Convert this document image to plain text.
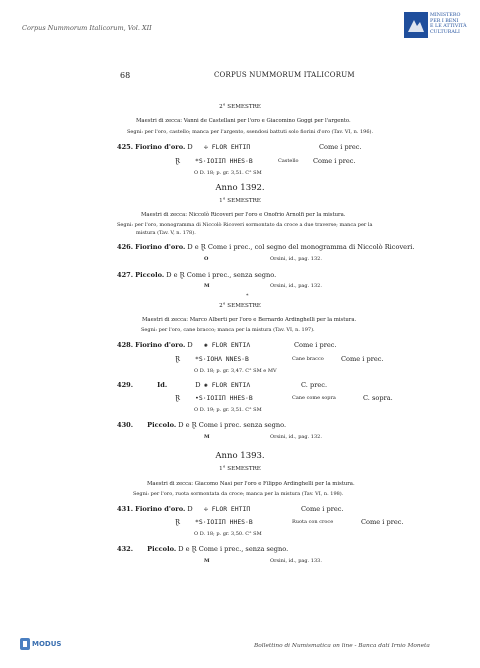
Corpus Nummorum Italicorum, Vol. XII
MINISTERO
PER I BENI
E LE ATTIVITÀ
CULTURALI
68	CORPUS NUMMORUM ITALICORUM
2° SEMESTRE
Maestri di zecca: Vanni de Castellani per l'oro e Giacomino Goggi per l'argento.
Segni: per l'oro, castello; manca per l'argento, ssendosi battuti solo fiorini d'oro (Tav. VI, n. 196).
425. Fiorino d'oro. D ✢ FLOR EHTIΠ	Come i prec.
Ɽ *S·IOIIΠ HHES·B	Castello Come i prec.
O D. 18; p. gr. 3,51. C° SM
Anno 1392.
1° SEMESTRE
Maestri di zecca: Niccolò Ricoveri per l'oro e Onofrio Arnolfi per la mistura.
Segni: per l'oro, monogramma di Niccolò Ricoveri sormontato da croce a due traverse; manca per la
mistura (Tav. V, n. 178).
426. Fiorino d'oro. D e Ɽ Come i prec., col segno del monogramma di Niccolò Ricoveri.
O	Orsini, id., pag. 132.
427. Piccolo. D e Ɽ Come i prec., senza segno.
M	Orsini, id., pag. 132.
*
2° SEMESTRE
Maestri di zecca: Marco Alberti per l'oro e Bernardo Ardinghelli per la mistura.
Segni: per l'oro, cane bracco; manca per la mistura (Tav. VI, n. 197).
428. Fiorino d'oro. D ✺ FLOR ENTIΛ	Come i prec.
Ɽ *S·IOHΛ NNES·B	Cane bracco	Come i prec.
O D. 18; p. gr. 3,47. C° SM e MV
429.	Id.	D ✺ FLOR ENTIΛ	C. prec.
Ɽ •S·IOIIΠ HHES·B	Cane come sopra	C. sopra.
O D. 19; p. gr. 3,51. C° SM
430. Piccolo. D e Ɽ Come i prec. senza segno.
M	Orsini, id., pag. 132.
Anno 1393.
1° SEMESTRE
Maestri di zecca: Giacomo Nasi per l'oro e Filippo Ardinghelli per la mistura.
Segni: per l'oro, ruota sormontata da croce; manca per la mistura (Tav. VI, n. 198).
431. Fiorino d'oro. D ✢ FLOR EHTIΠ	Come i prec.
Ɽ *S·IOIIΠ HHES·B	Ruota con croce	Come i prec.
O D. 18; p. gr. 3,50. C° SM
432. Piccolo. D e Ɽ Come i prec., senza segno.
M	Orsini, id., pag. 133.
MODUS	Bollettino di Numismatica on line - Banca dati Irnio Moneta
